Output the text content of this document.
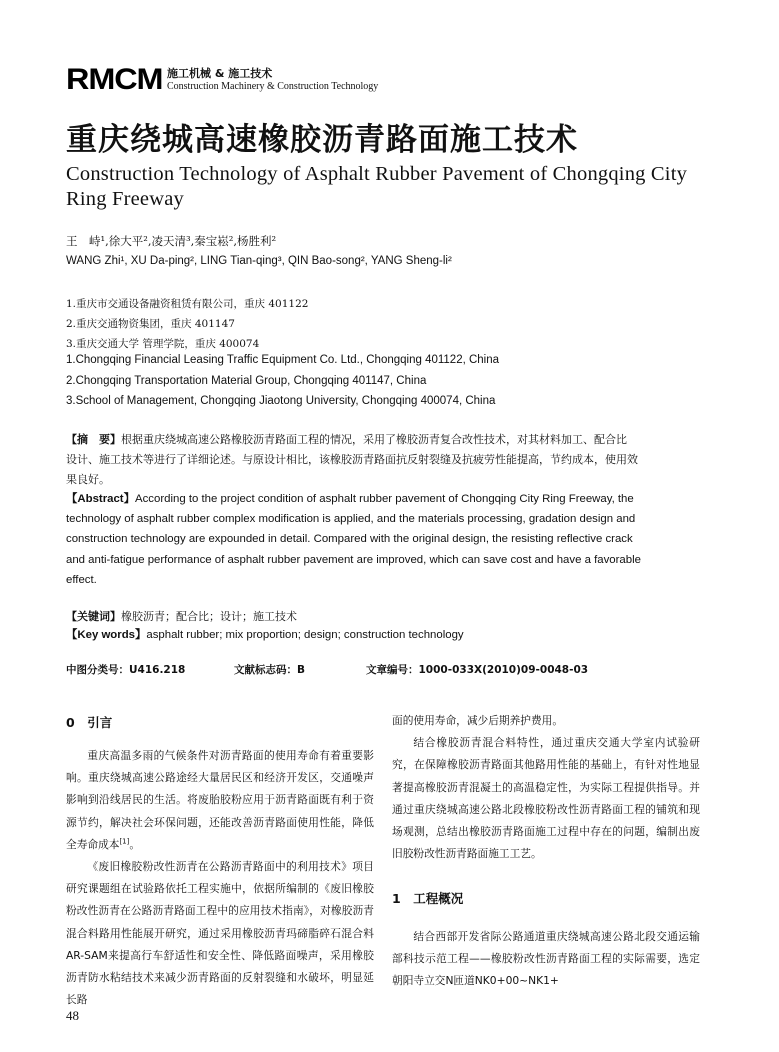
RMCM 施工机械 & 施工技术
Construction Machinery & Construction Technology
重庆绕城高速橡胶沥青路面施工技术
Construction Technology of Asphalt Rubber Pavement of Chongqing City Ring Freeway
王　峙¹,徐大平²,凌天清³,秦宝崧²,杨胜利²
WANG Zhi¹, XU Da-ping², LING Tian-qing³, QIN Bao-song², YANG Sheng-li²
1.重庆市交通设备融资租赁有限公司，重庆 401122
2.重庆交通物资集团，重庆 401147
3.重庆交通大学 管理学院，重庆 400074
1.Chongqing Financial Leasing Traffic Equipment Co. Ltd., Chongqing 401122, China
2.Chongqing Transportation Material Group, Chongqing 401147, China
3.School of Management, Chongqing Jiaotong University, Chongqing 400074, China
【摘　要】根据重庆绕城高速公路橡胶沥青路面工程的情况，采用了橡胶沥青复合改性技术，对其材料加工、配合比
设计、施工技术等进行了详细论述。与原设计相比，该橡胶沥青路面抗反射裂缝及抗疲劳性能提高，节约成本，使用效
果良好。
【Abstract】According to the project condition of asphalt rubber pavement of Chongqing City Ring Freeway, the
technology of asphalt rubber complex modification is applied, and the materials processing, gradation design and
construction technology are expounded in detail. Compared with the original design, the resisting reflective crack
and anti-fatigue performance of asphalt rubber pavement are improved, which can save cost and have a favorable
effect.
【关键词】橡胶沥青；配合比；设计；施工技术
【Key words】asphalt rubber; mix proportion; design; construction technology
中图分类号：U416.218	文献标志码：B	文章编号：1000-033X(2010)09-0048-03
0　引言

重庆高温多雨的气候条件对沥青路面的使用寿命有着重要影响。重庆绕城高速公路途经大量居民区和经济开发区，交通噪声影响到沿线居民的生活。将废胎胶粉应用于沥青路面既有利于资源节约，解决社会环保问题，还能改善沥青路面使用性能，降低全寿命成本[1]。

《废旧橡胶粉改性沥青在公路沥青路面中的利用技术》项目研究课题组在试验路依托工程实施中，依据所编制的《废旧橡胶粉改性沥青在公路沥青路面工程中的应用技术指南》，对橡胶沥青混合料路用性能展开研究，通过采用橡胶沥青玛碲脂碎石混合料AR-SAM来提高行车舒适性和安全性、降低路面噪声，采用橡胶沥青防水粘结技术来减少沥青路面的反射裂缝和水破坏，明显延长路

面的使用寿命，减少后期养护费用。

结合橡胶沥青混合料特性，通过重庆交通大学室内试验研究，在保障橡胶沥青路面其他路用性能的基础上，有针对性地显著提高橡胶沥青混凝土的高温稳定性，为实际工程提供指导。并通过重庆绕城高速公路北段橡胶粉改性沥青路面工程的铺筑和现场观测，总结出橡胶沥青路面施工过程中存在的问题，编制出废旧胶粉改性沥青路面施工工艺。

1　工程概况

结合西部开发省际公路通道重庆绕城高速公路北段交通运输部科技示范工程——橡胶粉改性沥青路面工程的实际需要，选定朝阳寺立交N匝道NK0+00~NK1+

48
